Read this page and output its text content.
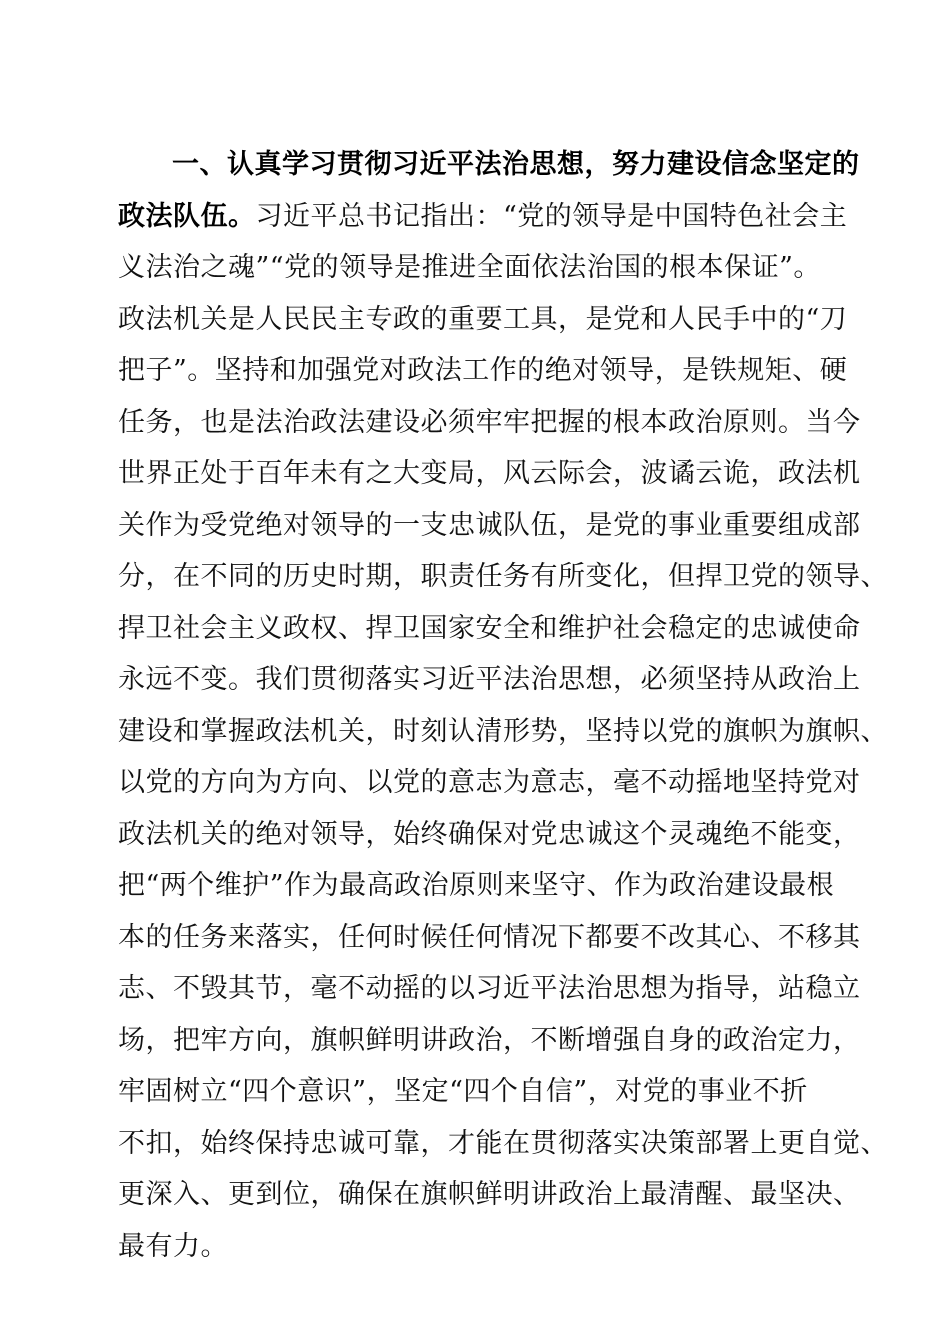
一、认真学习贯彻习近平法治思想，努力建设信念坚定的
政法队伍。习近平总书记指出：“党的领导是中国特色社会主
义法治之魂”“党的领导是推进全面依法治国的根本保证”。
政法机关是人民民主专政的重要工具，是党和人民手中的“刀
把子”。坚持和加强党对政法工作的绝对领导，是铁规矩、硬
任务，也是法治政法建设必须牢牢把握的根本政治原则。当今
世界正处于百年未有之大变局，风云际会，波谲云诡，政法机
关作为受党绝对领导的一支忠诚队伍，是党的事业重要组成部
分，在不同的历史时期，职责任务有所变化，但捍卫党的领导、
捍卫社会主义政权、捍卫国家安全和维护社会稳定的忠诚使命
永远不变。我们贯彻落实习近平法治思想，必须坚持从政治上
建设和掌握政法机关，时刻认清形势，坚持以党的旗帜为旗帜、
以党的方向为方向、以党的意志为意志，毫不动摇地坚持党对
政法机关的绝对领导，始终确保对党忠诚这个灵魂绝不能变，
把“两个维护”作为最高政治原则来坚守、作为政治建设最根
本的任务来落实，任何时候任何情况下都要不改其心、不移其
志、不毁其节，毫不动摇的以习近平法治思想为指导，站稳立
场，把牢方向，旗帜鲜明讲政治，不断增强自身的政治定力，
牢固树立“四个意识”，坚定“四个自信”，对党的事业不折
不扣，始终保持忠诚可靠，才能在贯彻落实决策部署上更自觉、
更深入、更到位，确保在旗帜鲜明讲政治上最清醒、最坚决、
最有力。
